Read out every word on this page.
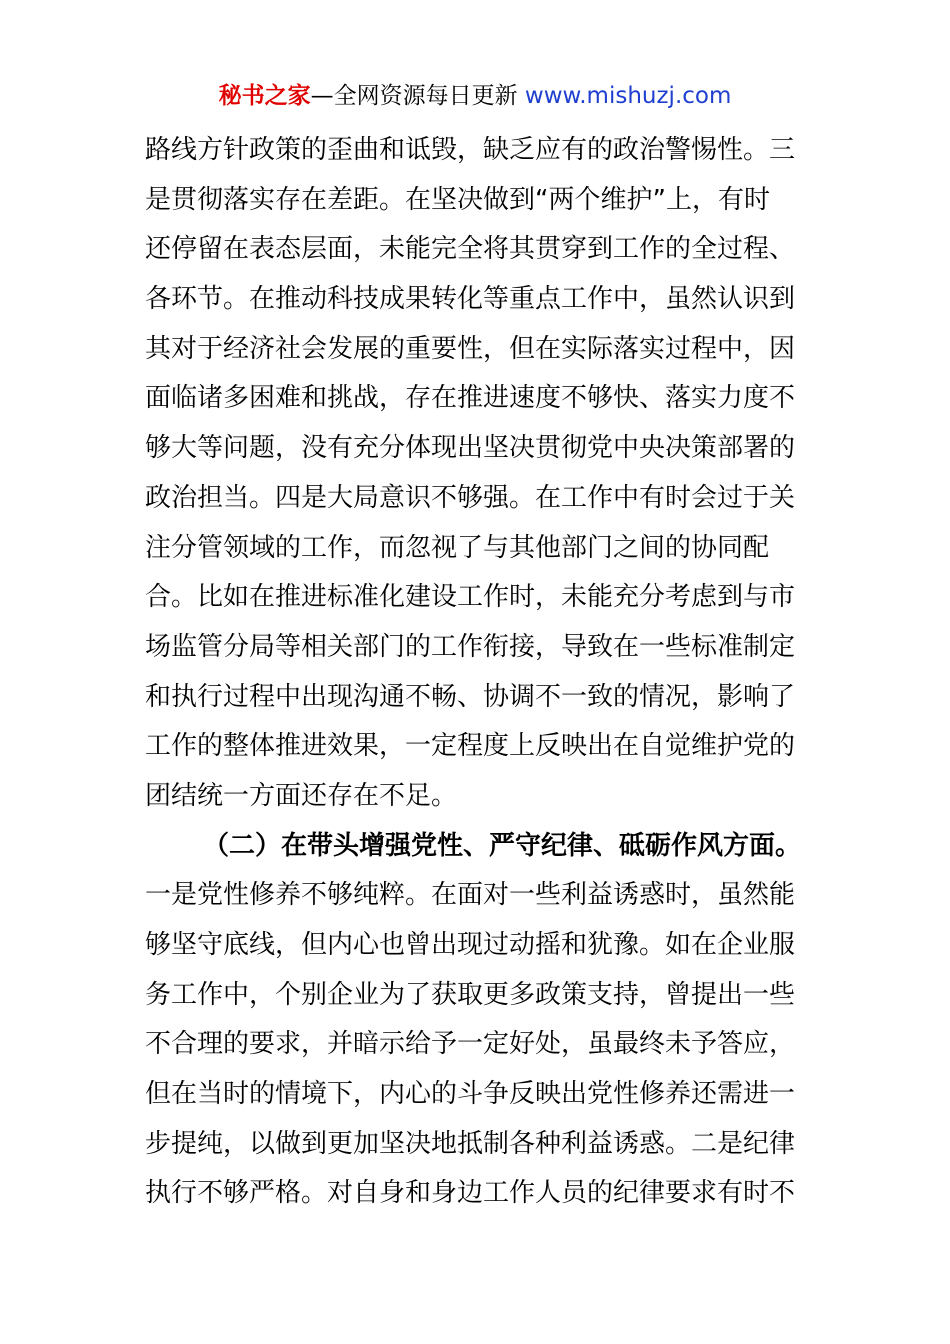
秘书之家—全网资源每日更新 www.mishuzj.com
路线方针政策的歪曲和诋毁，缺乏应有的政治警惕性。三
是贯彻落实存在差距。在坚决做到“两个维护”上，有时
还停留在表态层面，未能完全将其贯穿到工作的全过程、
各环节。在推动科技成果转化等重点工作中，虽然认识到
其对于经济社会发展的重要性，但在实际落实过程中，因
面临诸多困难和挑战，存在推进速度不够快、落实力度不
够大等问题，没有充分体现出坚决贯彻党中央决策部署的
政治担当。四是大局意识不够强。在工作中有时会过于关
注分管领域的工作，而忽视了与其他部门之间的协同配
合。比如在推进标准化建设工作时，未能充分考虑到与市
场监管分局等相关部门的工作衔接，导致在一些标准制定
和执行过程中出现沟通不畅、协调不一致的情况，影响了
工作的整体推进效果，一定程度上反映出在自觉维护党的
团结统一方面还存在不足。
（二）在带头增强党性、严守纪律、砥砺作风方面。
一是党性修养不够纯粹。在面对一些利益诱惑时，虽然能
够坚守底线，但内心也曾出现过动摇和犹豫。如在企业服
务工作中，个别企业为了获取更多政策支持，曾提出一些
不合理的要求，并暗示给予一定好处，虽最终未予答应，
但在当时的情境下，内心的斗争反映出党性修养还需进一
步提纯，以做到更加坚决地抵制各种利益诱惑。二是纪律
执行不够严格。对自身和身边工作人员的纪律要求有时不
